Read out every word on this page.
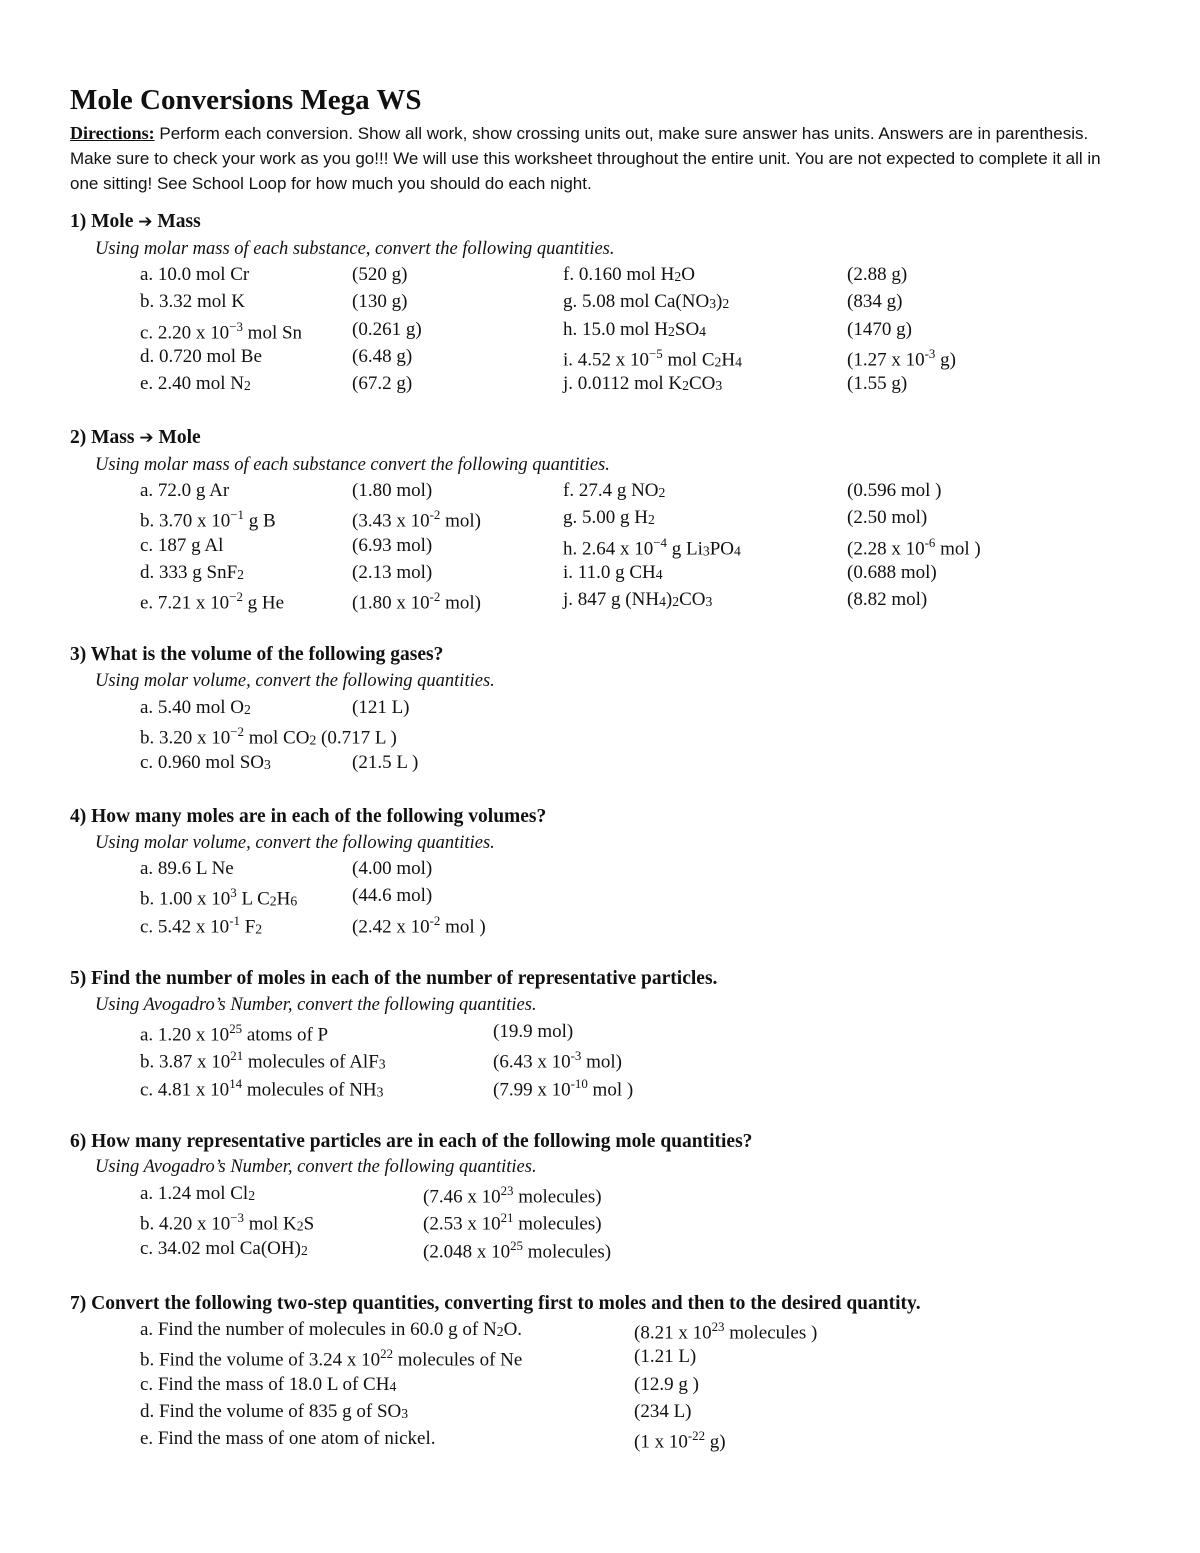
Mole Conversions Mega WS
Directions: Perform each conversion. Show all work, show crossing units out, make sure answer has units. Answers are in parenthesis. Make sure to check your work as you go!!! We will use this worksheet throughout the entire unit. You are not expected to complete it all in one sitting! See School Loop for how much you should do each night.
1) Mole ➔ Mass
Using molar mass of each substance, convert the following quantities.
a. 10.0 mol Cr	(520 g)	f. 0.160 mol H2O	(2.88 g)
b. 3.32 mol K	(130 g)	g. 5.08 mol Ca(NO3)2	(834 g)
c. 2.20 x $10^{-3}$ mol Sn	(0.261 g)	h. 15.0 mol H2SO4	(1470 g)
d. 0.720 mol Be	(6.48 g)	i. 4.52 x $10^{-5}$ mol C2H4	(1.27 x $10^{-3}$ g)
e. 2.40 mol N2	(67.2 g)	j. 0.0112 mol K2CO3	(1.55 g)
2) Mass ➔ Mole
Using molar mass of each substance convert the following quantities.
a. 72.0 g Ar	(1.80 mol)	f. 27.4 g NO2	(0.596 mol )
b. 3.70 x $10^{-1}$ g B	(3.43 x $10^{-2}$ mol)	g. 5.00 g H2	(2.50 mol)
c. 187 g Al	(6.93 mol)	h. 2.64 x $10^{-4}$ g Li3PO4	(2.28 x $10^{-6}$ mol )
d. 333 g SnF2	(2.13 mol)	i. 11.0 g CH4	(0.688 mol)
e. 7.21 x $10^{-2}$ g He	(1.80 x $10^{-2}$ mol)	j. 847 g (NH4)2CO3	(8.82 mol)
3) What is the volume of the following gases?
Using molar volume, convert the following quantities.
a. 5.40 mol O2	(121 L)
b. 3.20 x $10^{-2}$ mol CO2 (0.717 L )
c. 0.960 mol SO3	(21.5 L )
4) How many moles are in each of the following volumes?
Using molar volume, convert the following quantities.
a. 89.6 L Ne	(4.00 mol)
b. 1.00 x $10^3$ L C2H6	(44.6 mol)
c. 5.42 x $10^{-1}$ F2	(2.42 x $10^{-2}$ mol )
5) Find the number of moles in each of the number of representative particles.
Using Avogadro’s Number, convert the following quantities.
a. 1.20 x $10^{25}$ atoms of P	(19.9 mol)
b. 3.87 x $10^{21}$ molecules of AlF3	(6.43 x $10^{-3}$ mol)
c. 4.81 x $10^{14}$ molecules of NH3	(7.99 x $10^{-10}$ mol )
6) How many representative particles are in each of the following mole quantities?
Using Avogadro’s Number, convert the following quantities.
a. 1.24 mol Cl2	(7.46 x $10^{23}$ molecules)
b. 4.20 x $10^{-3}$ mol K2S	(2.53 x $10^{21}$ molecules)
c. 34.02 mol Ca(OH)2	(2.048 x $10^{25}$ molecules)
7) Convert the following two-step quantities, converting first to moles and then to the desired quantity.
a. Find the number of molecules in 60.0 g of N2O.	(8.21 x $10^{23}$ molecules )
b. Find the volume of 3.24 x $10^{22}$ molecules of Ne	(1.21 L)
c. Find the mass of 18.0 L of CH4	(12.9 g )
d. Find the volume of 835 g of SO3	(234 L)
e. Find the mass of one atom of nickel.	(1 x $10^{-22}$ g)
